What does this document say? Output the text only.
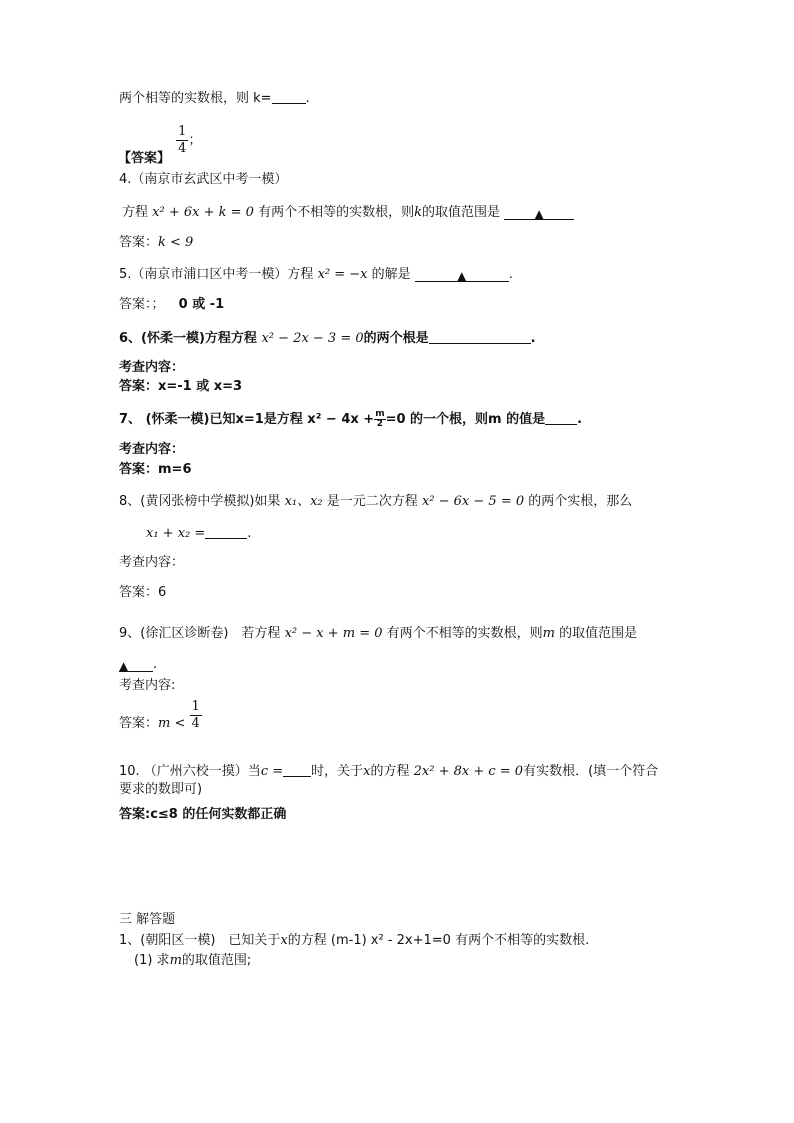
两个相等的实数根，则 k=	.
【答案】
$\frac{1}{4}$ ；
4.（南京市玄武区中考一模）
方程 x² + 6x + k = 0 有两个不相等的实数根，则k的取值范围是	▲
答案：k < 9
5.（南京市浦口区中考一模）方程 x² = −x 的解是	▲	.
答案：； 0 或 -1
6、(怀柔一模)方程方程 x² − 2x − 3 = 0的两个根是	.
考查内容：
答案：x=-1 或 x=3
7、 (怀柔一模)已知x=1是方程 $x^2 - 4x + \frac{m}{2} =0$ 的一个根，则m 的值是 .
考查内容：
答案：m=6
8、(黄冈张榜中学模拟)如果 x₁、x₂ 是一元二次方程 x² − 6x − 5 = 0 的两个实根，那么
x₁ + x₂ =	.
考查内容：
答案：6
9、(徐汇区诊断卷)　若方程 x² − x + m = 0 有两个不相等的实数根，则m 的取值范围是
▲ .
考查内容:
答案：$m < \frac{1}{4}$
10. （广州六校一摸）当c = 时，关于x的方程 2x² + 8x + c = 0有实数根．(填一个符合
要求的数即可)
答案:c≤8 的任何实数都正确
三 解答题
1、(朝阳区一模)　已知关于x的方程 (m-1) x² - 2x+1=0 有两个不相等的实数根.
(1) 求m的取值范围;
